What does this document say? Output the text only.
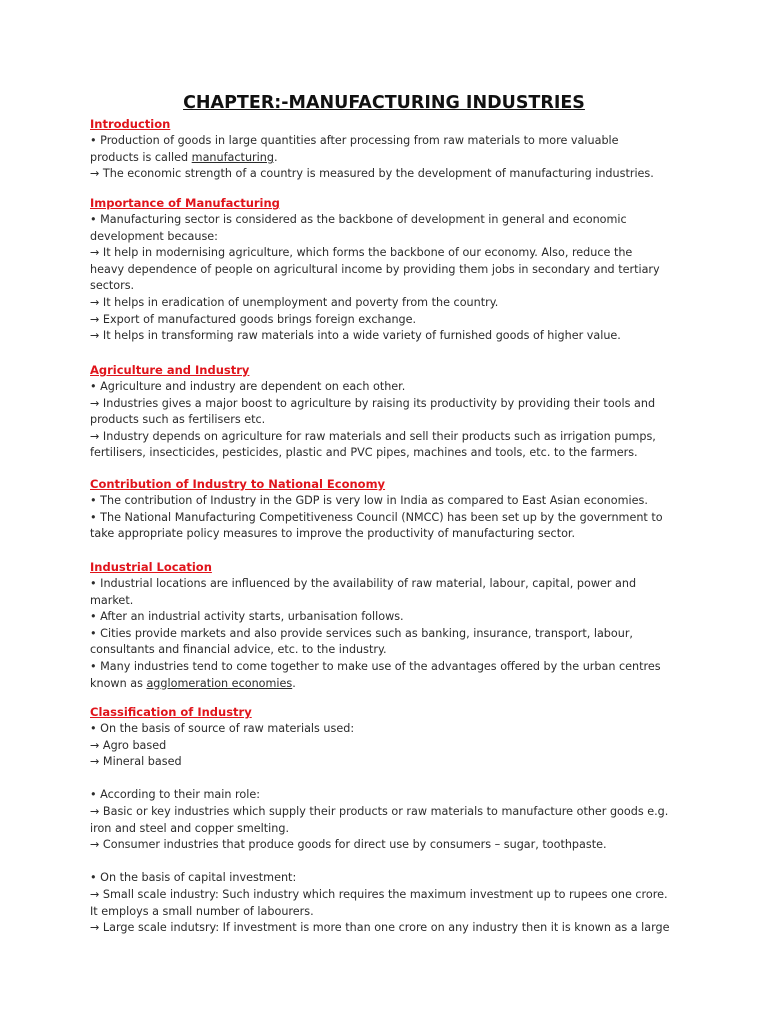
CHAPTER:-MANUFACTURING INDUSTRIES
Introduction
• Production of goods in large quantities after processing from raw materials to more valuable
products is called manufacturing.
→ The economic strength of a country is measured by the development of manufacturing industries.
Importance of Manufacturing
• Manufacturing sector is considered as the backbone of development in general and economic
development because:
→ It help in modernising agriculture, which forms the backbone of our economy. Also, reduce the
heavy dependence of people on agricultural income by providing them jobs in secondary and tertiary
sectors.
→ It helps in eradication of unemployment and poverty from the country.
→ Export of manufactured goods brings foreign exchange.
→ It helps in transforming raw materials into a wide variety of furnished goods of higher value.
Agriculture and Industry
• Agriculture and industry are dependent on each other.
→ Industries gives a major boost to agriculture by raising its productivity by providing their tools and
products such as fertilisers etc.
→ Industry depends on agriculture for raw materials and sell their products such as irrigation pumps,
fertilisers, insecticides, pesticides, plastic and PVC pipes, machines and tools, etc. to the farmers.
Contribution of Industry to National Economy
• The contribution of Industry in the GDP is very low in India as compared to East Asian economies.
• The National Manufacturing Competitiveness Council (NMCC) has been set up by the government to
take appropriate policy measures to improve the productivity of manufacturing sector.
Industrial Location
• Industrial locations are influenced by the availability of raw material, labour, capital, power and
market.
• After an industrial activity starts, urbanisation follows.
• Cities provide markets and also provide services such as banking, insurance, transport, labour,
consultants and financial advice, etc. to the industry.
• Many industries tend to come together to make use of the advantages offered by the urban centres
known as agglomeration economies.
Classification of Industry
• On the basis of source of raw materials used:
→ Agro based
→ Mineral based
• According to their main role:
→ Basic or key industries which supply their products or raw materials to manufacture other goods e.g.
iron and steel and copper smelting.
→ Consumer industries that produce goods for direct use by consumers – sugar, toothpaste.
• On the basis of capital investment:
→ Small scale industry: Such industry which requires the maximum investment up to rupees one crore.
It employs a small number of labourers.
→ Large scale indutsry: If investment is more than one crore on any industry then it is known as a large
